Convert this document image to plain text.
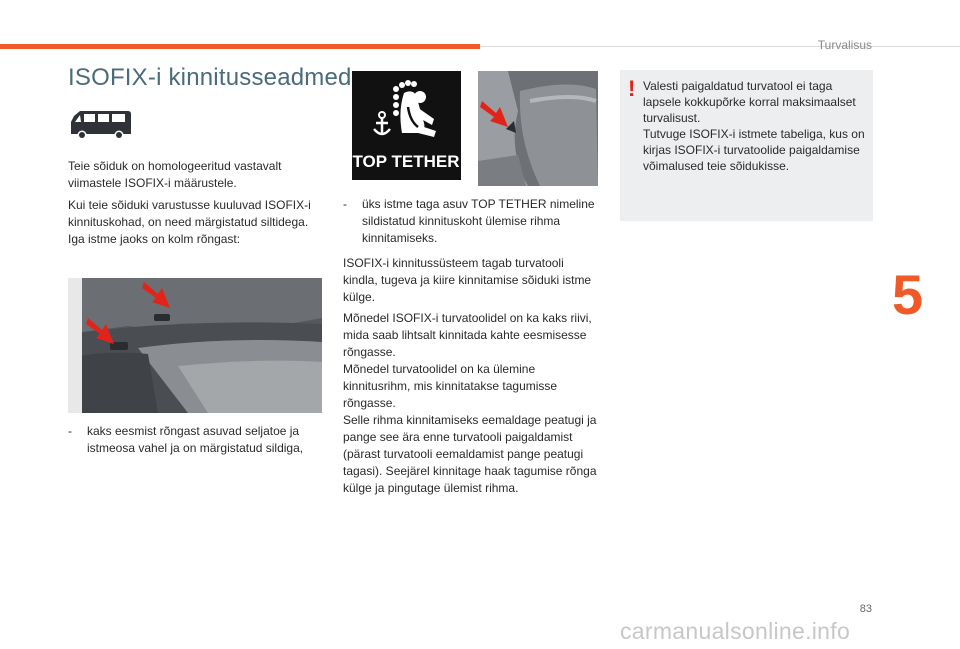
Turvalisus
5
ISOFIX-i kinnitusseadmed

Teie sõiduk on homologeeritud vastavalt viimastele ISOFIX-i määrustele.

Kui teie sõiduki varustusse kuuluvad ISOFIX-i kinnituskohad, on need märgistatud siltidega. Iga istme jaoks on kolm rõngast:

- kaks eesmist rõngast asuvad seljatoe ja istmeosa vahel ja on märgistatud sildiga,
TOP TETHER
- üks istme taga asuv TOP TETHER nimeline sildistatud kinnituskoht ülemise rihma kinnitamiseks.

ISOFIX-i kinnitussüsteem tagab turvatooli kindla, tugeva ja kiire kinnitamise sõiduki istme külge.

Mõnedel ISOFIX-i turvatoolidel on ka kaks riivi, mida saab lihtsalt kinnitada kahte eesmisesse rõngasse.
Mõnedel turvatoolidel on ka ülemine kinnitusrihm, mis kinnitatakse tagumisse rõngasse.
Selle rihma kinnitamiseks eemaldage peatugi ja pange see ära enne turvatooli paigaldamist (pärast turvatooli eemaldamist pange peatugi tagasi). Seejärel kinnitage haak tagumise rõnga külge ja pingutage ülemist rihma.
! Valesti paigaldatud turvatool ei taga lapsele kokkupõrke korral maksimaalset turvalisust.
Tutvuge ISOFIX-i istmete tabeliga, kus on kirjas ISOFIX-i turvatoolide paigaldamise võimalused teie sõidukisse.
83
carmanualsonline.info
